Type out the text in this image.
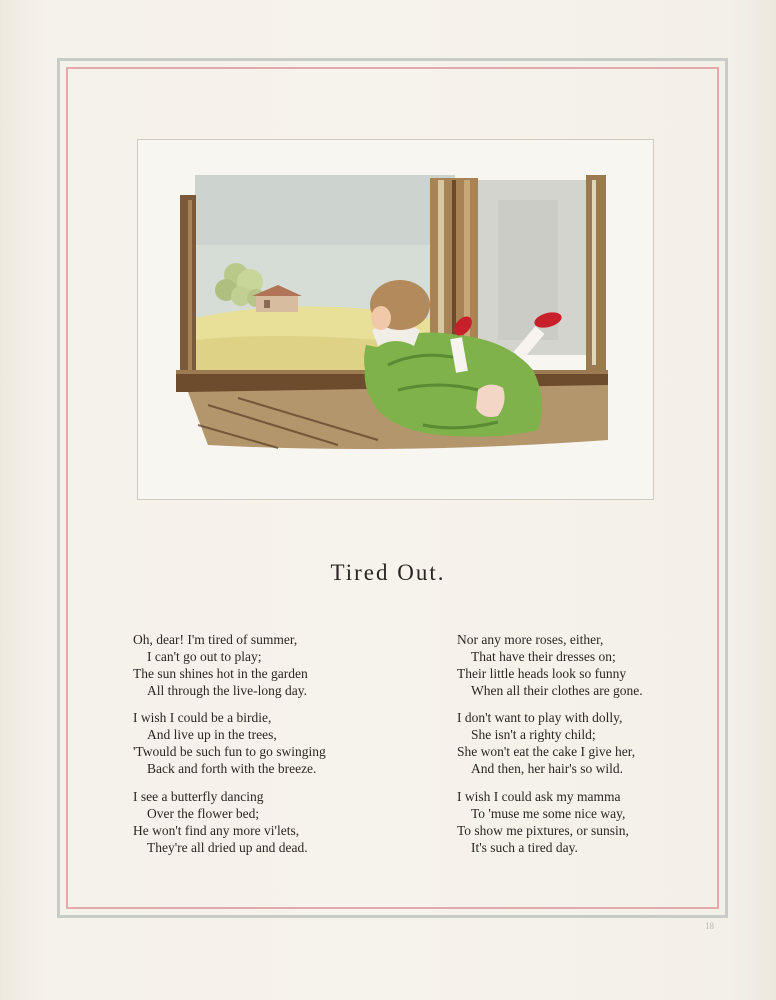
Tired Out.
Oh, dear! I'm tired of summer,
I can't go out to play;
The sun shines hot in the garden
All through the live-long day.
I wish I could be a birdie,
And live up in the trees,
'Twould be such fun to go swinging
Back and forth with the breeze.
I see a butterfly dancing
Over the flower bed;
He won't find any more vi'lets,
They're all dried up and dead.
Nor any more roses, either,
That have their dresses on;
Their little heads look so funny
When all their clothes are gone.
I don't want to play with dolly,
She isn't a righty child;
She won't eat the cake I give her,
And then, her hair's so wild.
I wish I could ask my mamma
To 'muse me some nice way,
To show me pixtures, or sunsin,
It's such a tired day.
18
